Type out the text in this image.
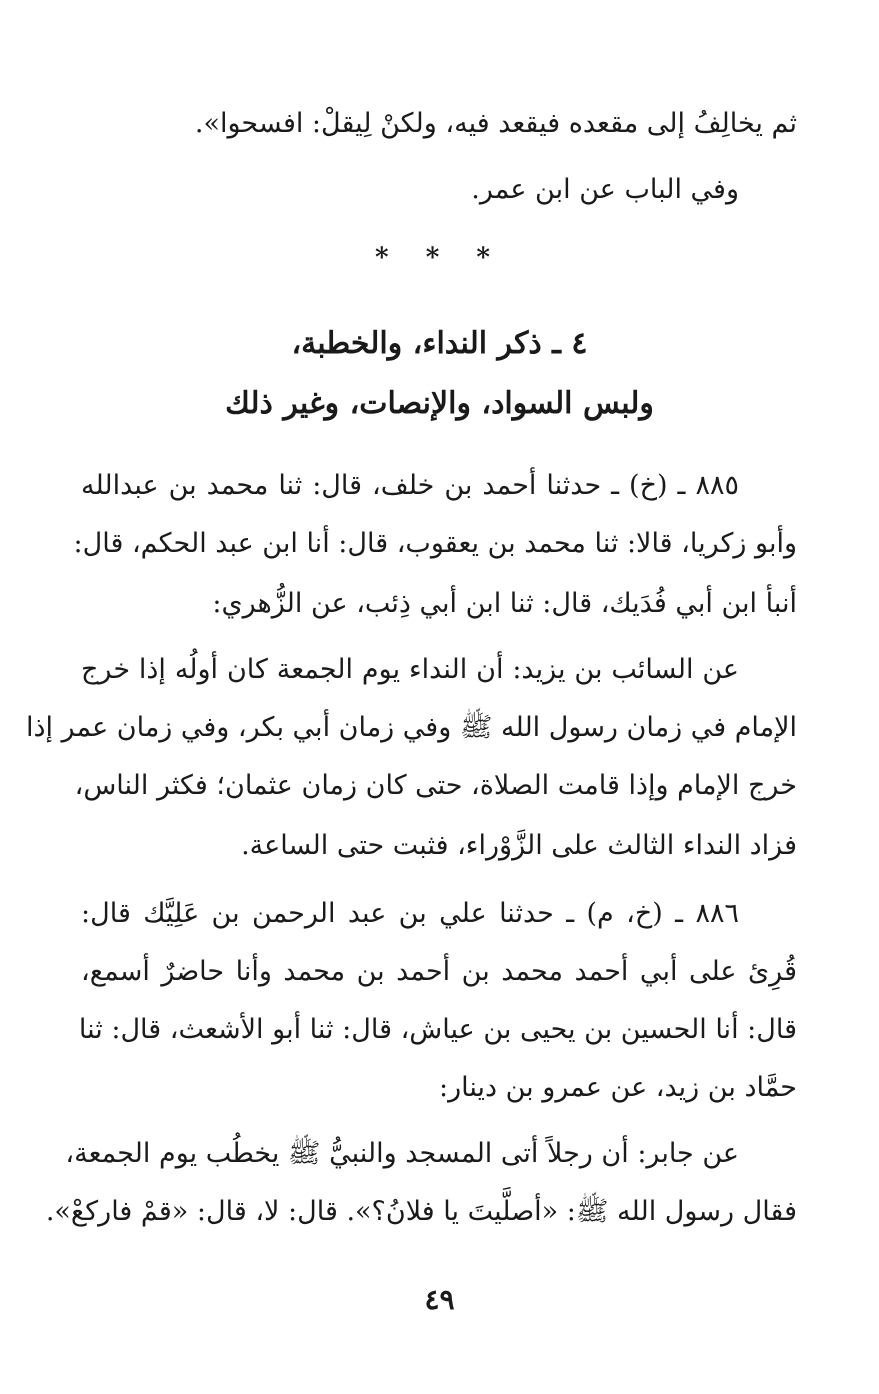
ثم يخالِفُ إلى مقعده فيقعد فيه، ولكنْ لِيقلْ: افسحوا».
وفي الباب عن ابن عمر.
* * *
٤ ـ ذكر النداء، والخطبة،
ولبس السواد، والإنصات، وغير ذلك
٨٨٥ ـ (خ) ـ حدثنا أحمد بن خلف، قال: ثنا محمد بن عبدالله
وأبو زكريا، قالا: ثنا محمد بن يعقوب، قال: أنا ابن عبد الحكم، قال:
أنبأ ابن أبي فُدَيك، قال: ثنا ابن أبي ذِئب، عن الزُّهري:
عن السائب بن يزيد: أن النداء يوم الجمعة كان أولُه إذا خرج
الإمام في زمان رسول الله ﷺ وفي زمان أبي بكر، وفي زمان عمر إذا
خرج الإمام وإذا قامت الصلاة، حتى كان زمان عثمان؛ فكثر الناس،
فزاد النداء الثالث على الزَّوْراء، فثبت حتى الساعة.
٨٨٦ ـ (خ، م) ـ حدثنا علي بن عبد الرحمن بن عَلِيَّك قال:
قُرِئ على أبي أحمد محمد بن أحمد بن محمد وأنا حاضرٌ أسمع،
قال: أنا الحسين بن يحيى بن عياش، قال: ثنا أبو الأشعث، قال: ثنا
حمَّاد بن زيد، عن عمرو بن دينار:
عن جابر: أن رجلاً أتى المسجد والنبيُّ ﷺ يخطُب يوم الجمعة،
فقال رسول الله ﷺ: «أصلَّيتَ يا فلانُ؟». قال: لا، قال: «قمْ فاركعْ».
٤٩
